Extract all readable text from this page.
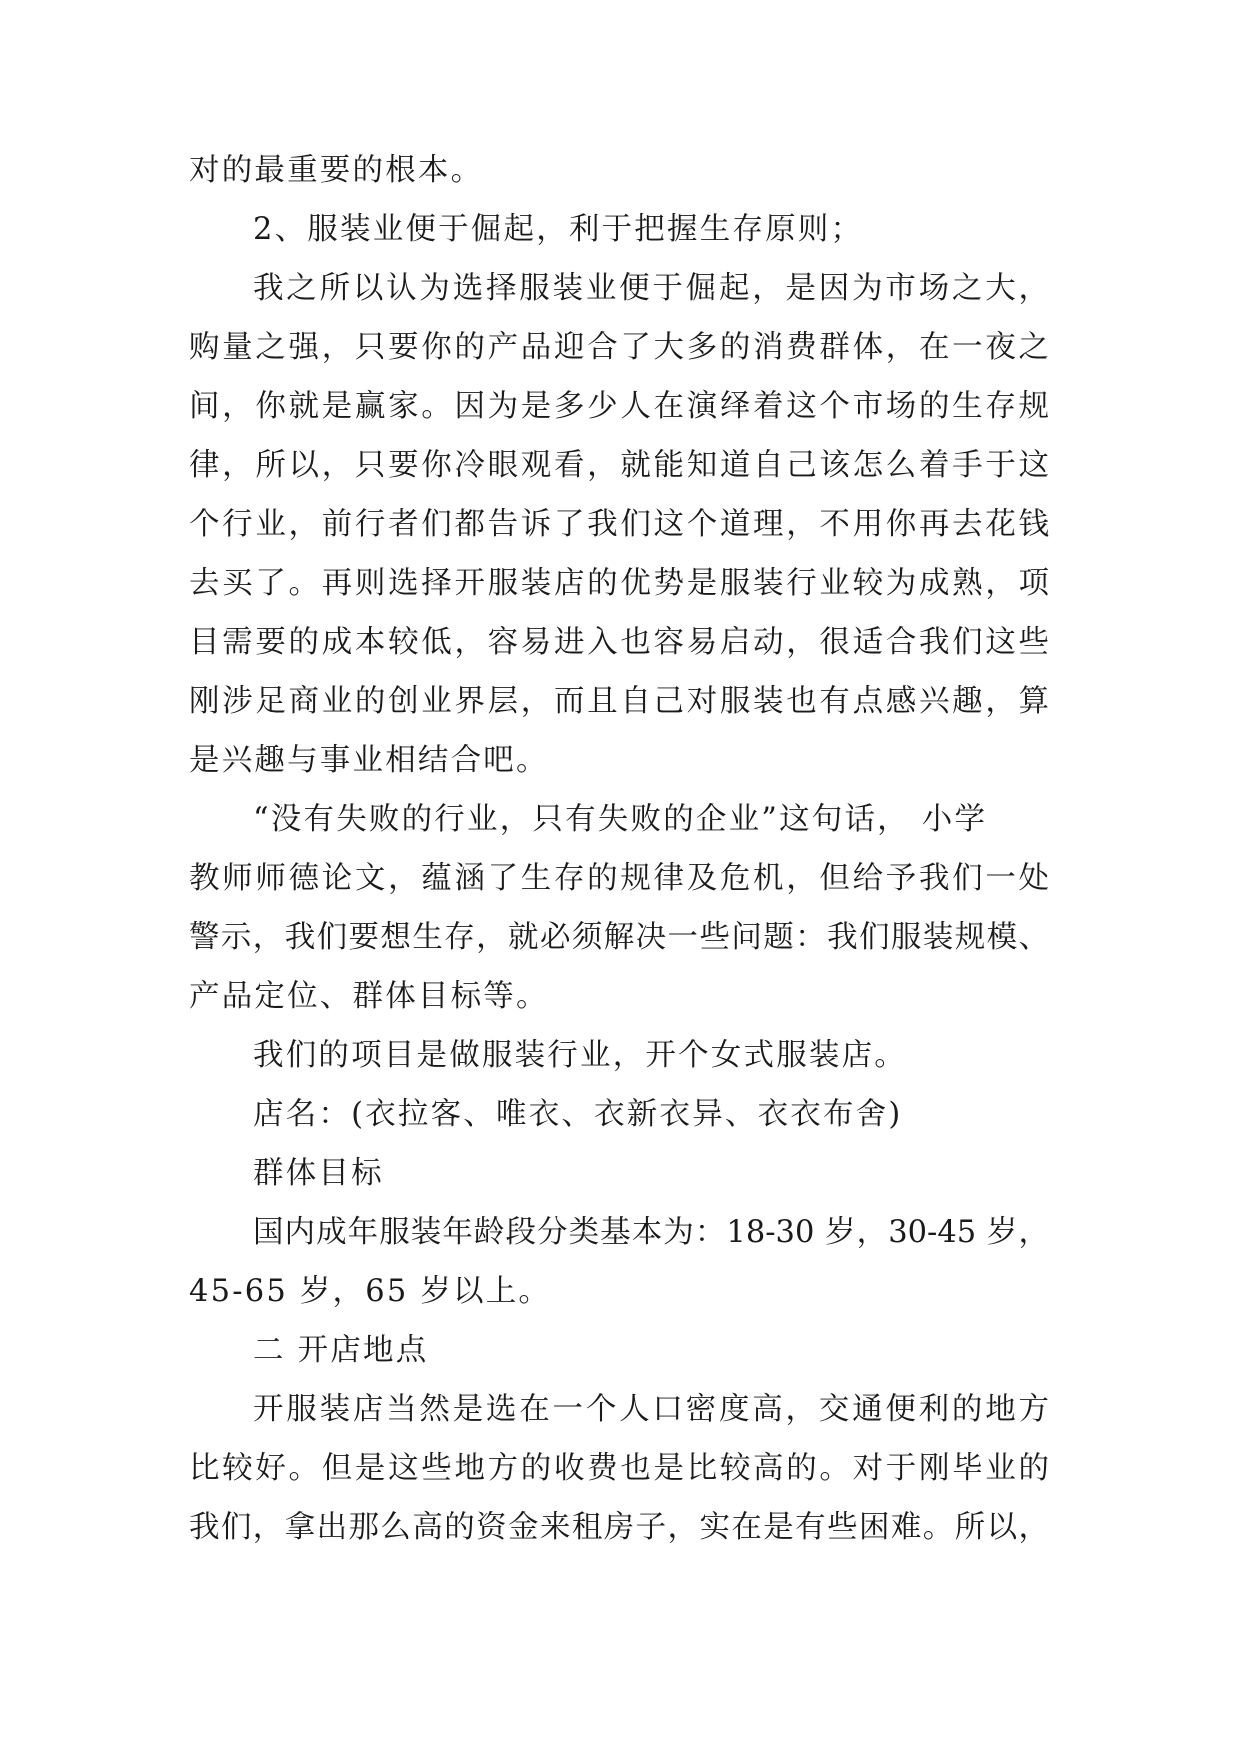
对的最重要的根本。
2、服装业便于倔起，利于把握生存原则；
我之所以认为选择服装业便于倔起，是因为市场之大，
购量之强，只要你的产品迎合了大多的消费群体，在一夜之
间，你就是赢家。因为是多少人在演绎着这个市场的生存规
律，所以，只要你冷眼观看，就能知道自己该怎么着手于这
个行业，前行者们都告诉了我们这个道理，不用你再去花钱
去买了。再则选择开服装店的优势是服装行业较为成熟，项
目需要的成本较低，容易进入也容易启动，很适合我们这些
刚涉足商业的创业界层，而且自己对服装也有点感兴趣，算
是兴趣与事业相结合吧。
“没有失败的行业，只有失败的企业”这句话， 小学
教师师德论文，蕴涵了生存的规律及危机，但给予我们一处
警示，我们要想生存，就必须解决一些问题：我们服装规模、
产品定位、群体目标等。
我们的项目是做服装行业，开个女式服装店。
店名：(衣拉客、唯衣、衣新衣异、衣衣布舍)
群体目标
国内成年服装年龄段分类基本为：18-30 岁，30-45 岁，
45-65 岁，65 岁以上。
二 开店地点
开服装店当然是选在一个人口密度高，交通便利的地方
比较好。但是这些地方的收费也是比较高的。对于刚毕业的
我们，拿出那么高的资金来租房子，实在是有些困难。所以，
